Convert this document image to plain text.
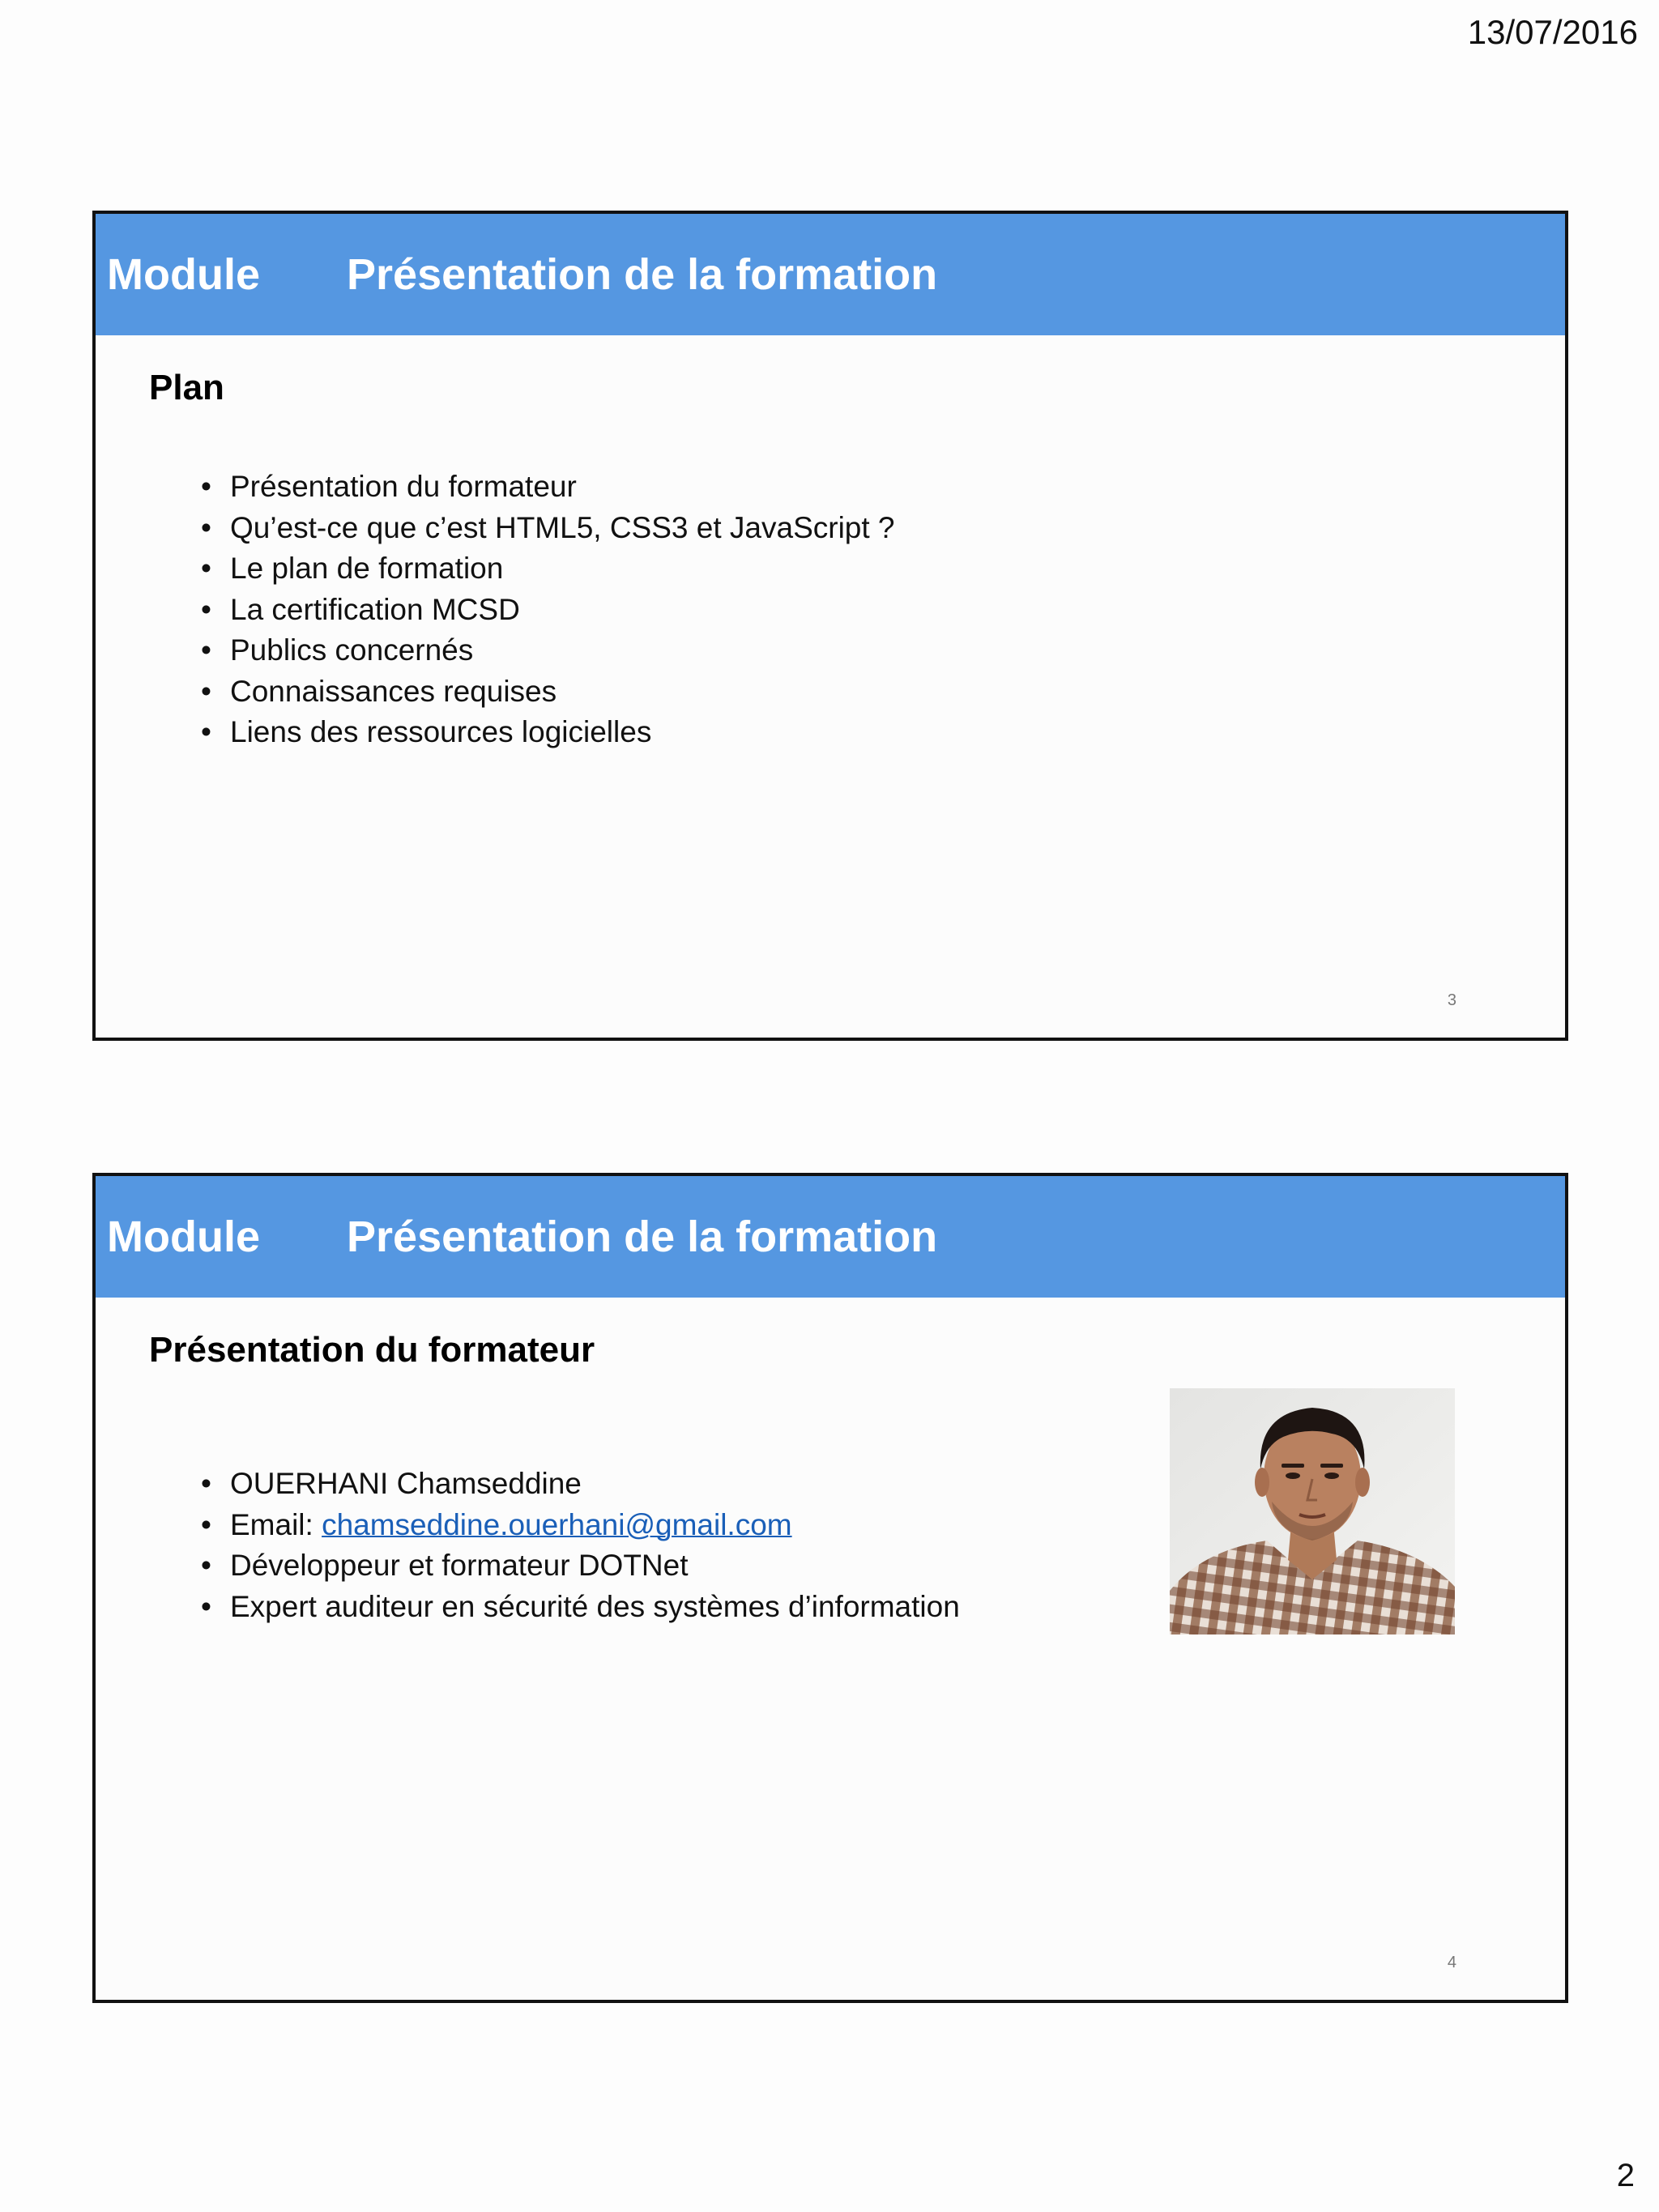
13/07/2016
Module Présentation de la formation
Plan
• Présentation du formateur
• Qu’est-ce que c’est HTML5, CSS3 et JavaScript ?
• Le plan de formation
• La certification MCSD
• Publics concernés
• Connaissances requises
• Liens des ressources logicielles
3
Module Présentation de la formation
Présentation du formateur
• OUERHANI Chamseddine
• Email: chamseddine.ouerhani@gmail.com
• Développeur et formateur DOTNet
• Expert auditeur en sécurité des systèmes d’information
4
2
